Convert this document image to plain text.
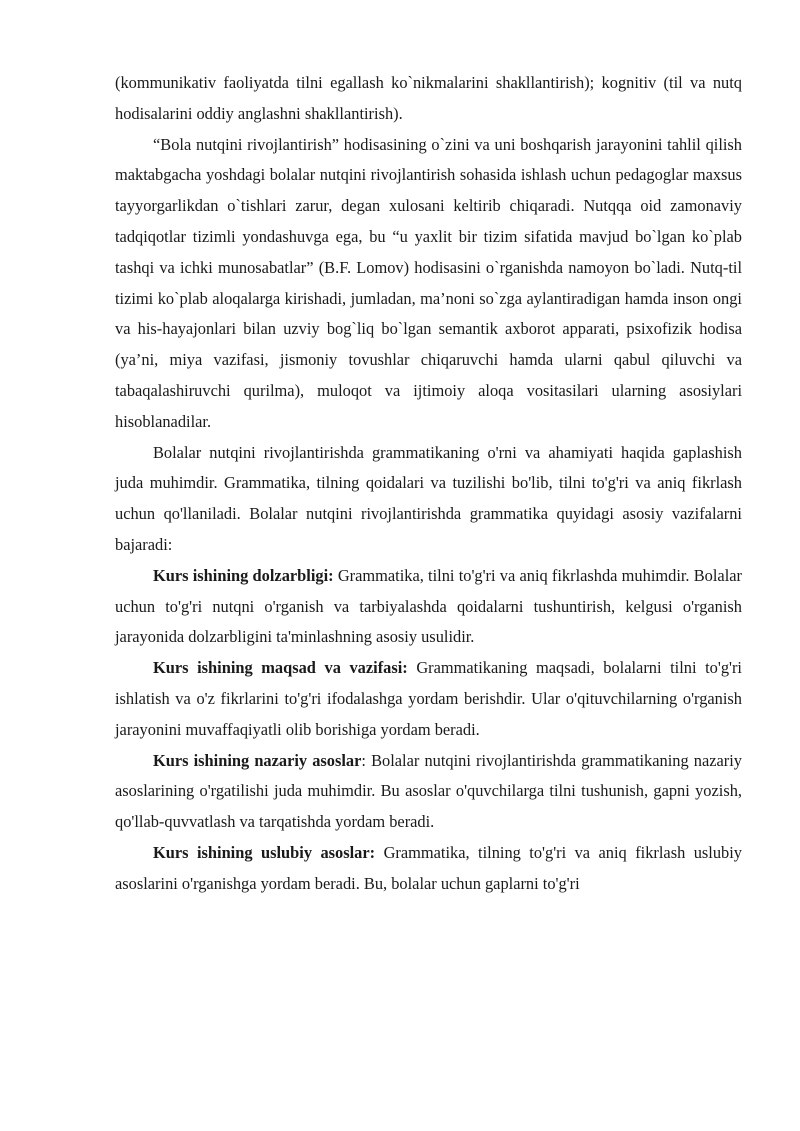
(kommunikativ faoliyatda tilni egallash ko`nikmalarini shakllantirish); kognitiv (til va nutq hodisalarini oddiy anglashni shakllantirish).

“Bola nutqini rivojlantirish” hodisasining o`zini va uni boshqarish jarayonini tahlil qilish maktabgacha yoshdagi bolalar nutqini rivojlantirish sohasida ishlash uchun pedagoglar maxsus tayyorgarlikdan o`tishlari zarur, degan xulosani keltirib chiqaradi. Nutqqa oid zamonaviy tadqiqotlar tizimli yondashuvga ega, bu “u yaxlit bir tizim sifatida mavjud bo`lgan ko`plab tashqi va ichki munosabatlar” (B.F. Lomov) hodisasini o`rganishda namoyon bo`ladi. Nutq-til tizimi ko`plab aloqalarga kirishadi, jumladan, ma’noni so`zga aylantiradigan hamda inson ongi va his-hayajonlari bilan uzviy bog`liq bo`lgan semantik axborot apparati, psixofizik hodisa (ya’ni, miya vazifasi, jismoniy tovushlar chiqaruvchi hamda ularni qabul qiluvchi va tabaqalashiruvchi qurilma), muloqot va ijtimoiy aloqa vositasilari ularning asosiylari hisoblanadilar.

Bolalar nutqini rivojlantirishda grammatikaning o'rni va ahamiyati haqida gaplashish juda muhimdir. Grammatika, tilning qoidalari va tuzilishi bo'lib, tilni to'g'ri va aniq fikrlash uchun qo'llaniladi. Bolalar nutqini rivojlantirishda grammatika quyidagi asosiy vazifalarni bajaradi:

Kurs ishining dolzarbligi: Grammatika, tilni to'g'ri va aniq fikrlashda muhimdir. Bolalar uchun to'g'ri nutqni o'rganish va tarbiyalashda qoidalarni tushuntirish, kelgusi o'rganish jarayonida dolzarbligini ta'minlashning asosiy usulidir.

Kurs ishining maqsad va vazifasi: Grammatikaning maqsadi, bolalarni tilni to'g'ri ishlatish va o'z fikrlarini to'g'ri ifodalashga yordam berishdir. Ular o'qituvchilarning o'rganish jarayonini muvaffaqiyatli olib borishiga yordam beradi.

Kurs ishining nazariy asoslar: Bolalar nutqini rivojlantirishda grammatikaning nazariy asoslarining o'rgatilishi juda muhimdir. Bu asoslar o'quvchilarga tilni tushunish, gapni yozish, qo'llab-quvvatlash va tarqatishda yordam beradi.

Kurs ishining uslubiy asoslar: Grammatika, tilning to'g'ri va aniq fikrlash uslubiy asoslarini o'rganishga yordam beradi. Bu, bolalar uchun gaplarni to'g'ri
